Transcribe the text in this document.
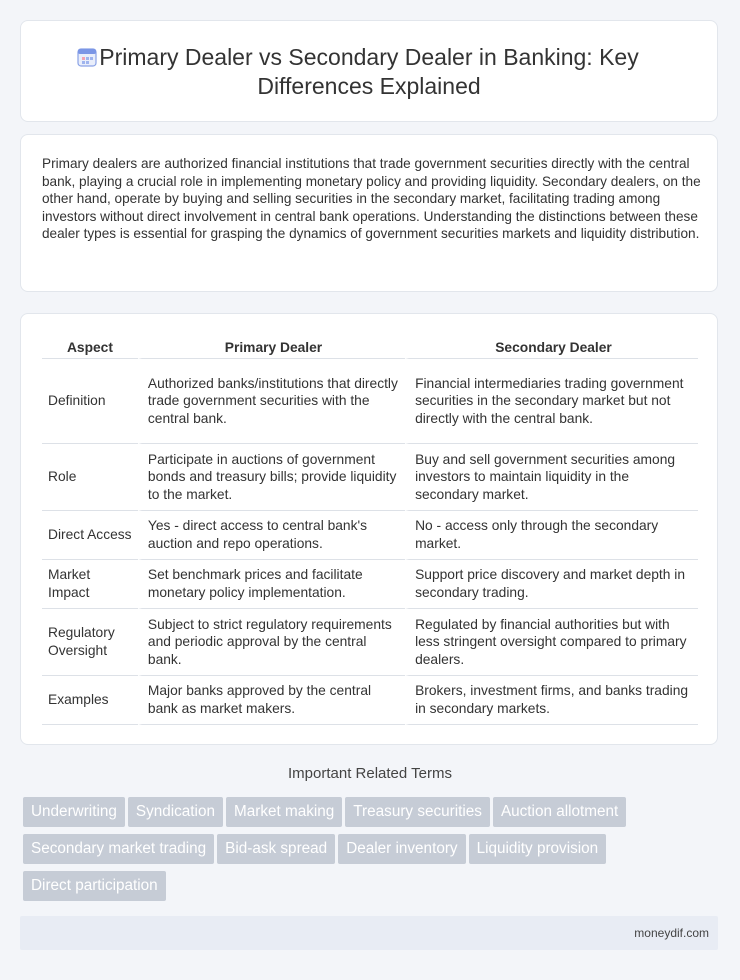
Primary Dealer vs Secondary Dealer in Banking: Key Differences Explained
Primary dealers are authorized financial institutions that trade government securities directly with the central bank, playing a crucial role in implementing monetary policy and providing liquidity. Secondary dealers, on the other hand, operate by buying and selling securities in the secondary market, facilitating trading among investors without direct involvement in central bank operations. Understanding the distinctions between these dealer types is essential for grasping the dynamics of government securities markets and liquidity distribution.
Aspect	Primary Dealer	Secondary Dealer
Definition	Authorized banks/institutions that directly trade government securities with the central bank.	Financial intermediaries trading government securities in the secondary market but not directly with the central bank.
Role	Participate in auctions of government bonds and treasury bills; provide liquidity to the market.	Buy and sell government securities among investors to maintain liquidity in the secondary market.
Direct Access	Yes - direct access to central bank's auction and repo operations.	No - access only through the secondary market.
Market Impact	Set benchmark prices and facilitate monetary policy implementation.	Support price discovery and market depth in secondary trading.
Regulatory Oversight	Subject to strict regulatory requirements and periodic approval by the central bank.	Regulated by financial authorities but with less stringent oversight compared to primary dealers.
Examples	Major banks approved by the central bank as market makers.	Brokers, investment firms, and banks trading in secondary markets.
Important Related Terms
Underwriting Syndication Market making Treasury securities Auction allotmentSecondary market trading Bid-ask spread Dealer inventory Liquidity provisionDirect participation
moneydif.com
